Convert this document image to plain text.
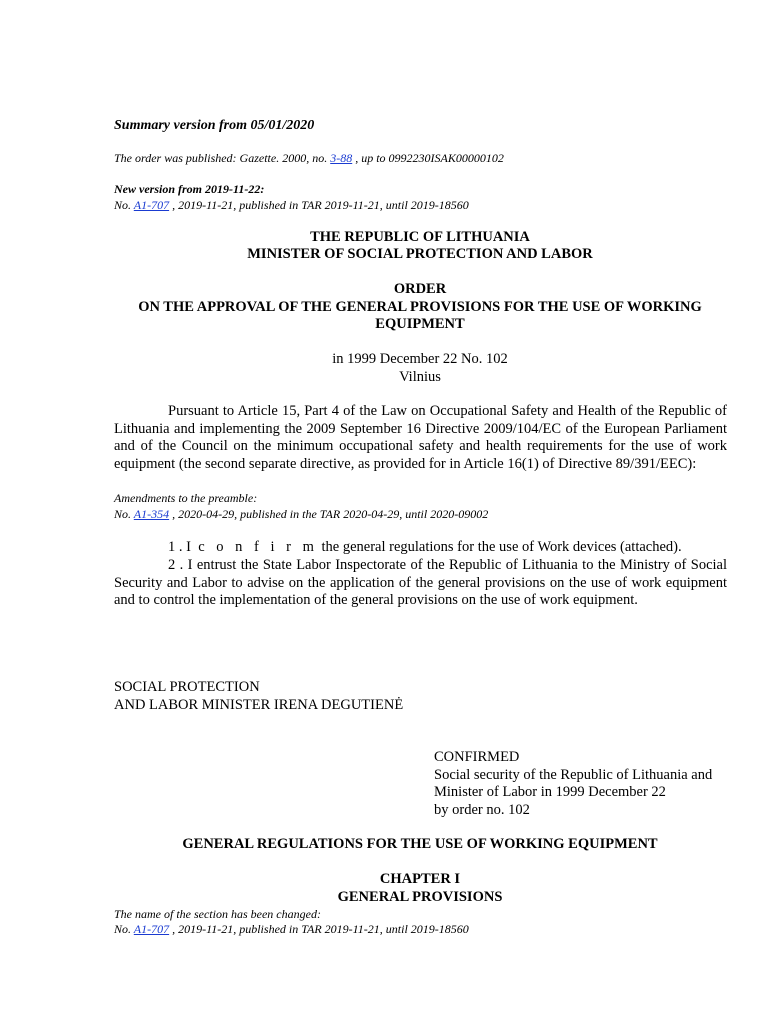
Summary version from 05/01/2020
The order was published: Gazette. 2000, no. 3-88 , up to 0992230ISAK00000102
New version from 2019-11-22:
No. A1-707 , 2019-11-21, published in TAR 2019-11-21, until 2019-18560
THE REPUBLIC OF LITHUANIA
MINISTER OF SOCIAL PROTECTION AND LABOR
ORDER
ON THE APPROVAL OF THE GENERAL PROVISIONS FOR THE USE OF WORKING
EQUIPMENT
in 1999 December 22 No. 102
Vilnius
Pursuant to Article 15, Part 4 of the Law on Occupational Safety and Health of the Republic of Lithuania and implementing the 2009 September 16 Directive 2009/104/EC of the European Parliament and of the Council on the minimum occupational safety and health requirements for the use of work equipment (the second separate directive, as provided for in Article 16(1) of Directive 89/391/EEC):
Amendments to the preamble:
No. A1-354 , 2020-04-29, published in the TAR 2020-04-29, until 2020-09002
1 . I c o n f i r m the general regulations for the use of Work devices (attached).
2 . I entrust the State Labor Inspectorate of the Republic of Lithuania to the Ministry of Social Security and Labor to advise on the application of the general provisions on the use of work equipment and to control the implementation of the general provisions on the use of work equipment.
SOCIAL PROTECTION
AND LABOR MINISTER IRENA DEGUTIENĖ
CONFIRMED
Social security of the Republic of Lithuania and
Minister of Labor in 1999 December 22
by order no. 102
GENERAL REGULATIONS FOR THE USE OF WORKING EQUIPMENT
CHAPTER I
GENERAL PROVISIONS
The name of the section has been changed:
No. A1-707 , 2019-11-21, published in TAR 2019-11-21, until 2019-18560
